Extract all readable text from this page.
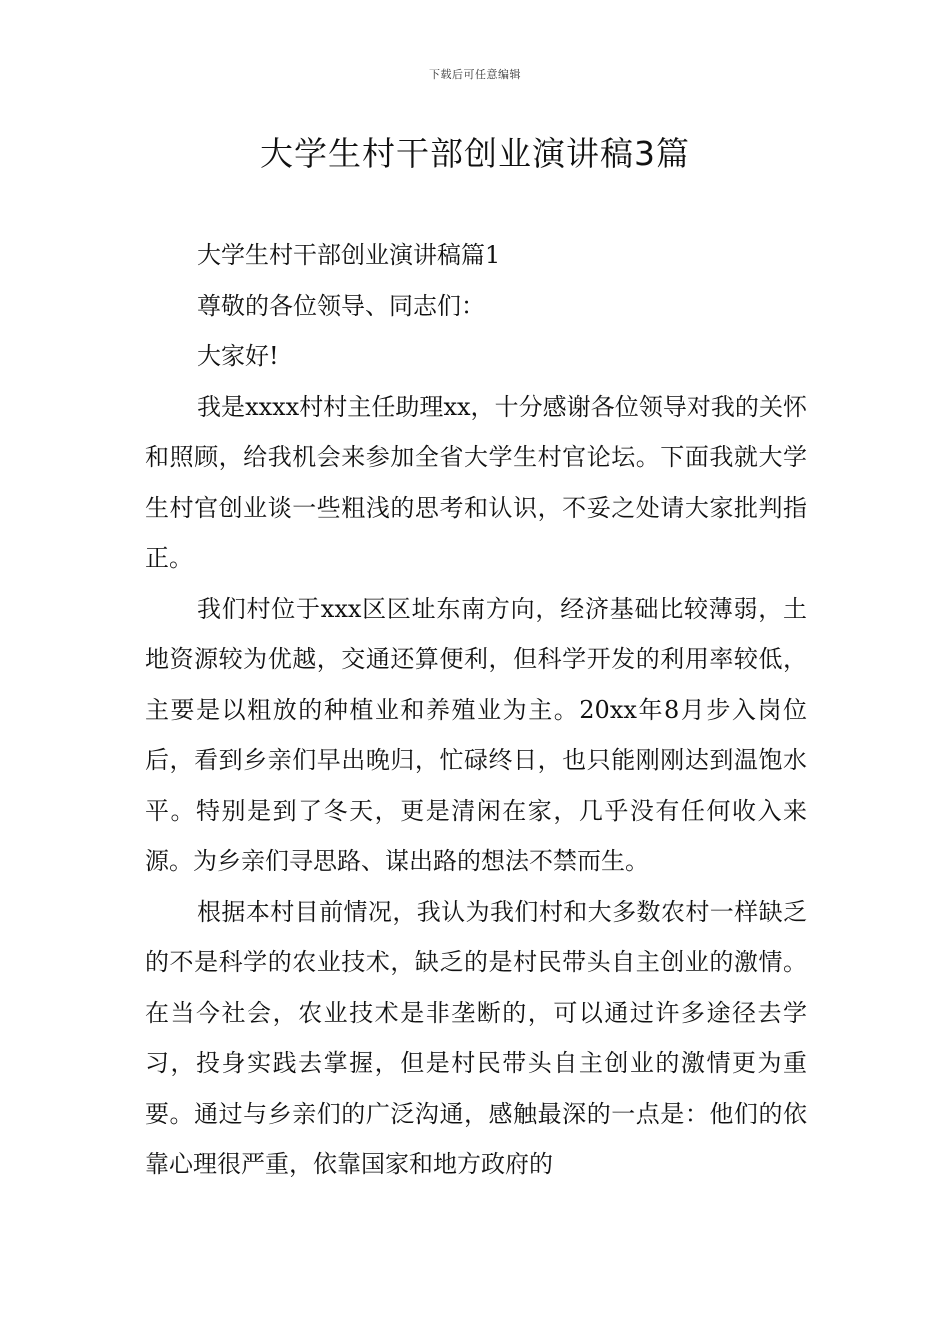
下载后可任意编辑
大学生村干部创业演讲稿3篇

大学生村干部创业演讲稿篇1

尊敬的各位领导、同志们：

大家好!

我是xxxx村村主任助理xx，十分感谢各位领导对我的关怀和照顾，给我机会来参加全省大学生村官论坛。下面我就大学生村官创业谈一些粗浅的思考和认识，不妥之处请大家批判指正。

我们村位于xxx区区址东南方向，经济基础比较薄弱，土地资源较为优越，交通还算便利，但科学开发的利用率较低，主要是以粗放的种植业和养殖业为主。20xx年8月步入岗位后，看到乡亲们早出晚归，忙碌终日，也只能刚刚达到温饱水平。特别是到了冬天，更是清闲在家，几乎没有任何收入来源。为乡亲们寻思路、谋出路的想法不禁而生。

根据本村目前情况，我认为我们村和大多数农村一样缺乏的不是科学的农业技术，缺乏的是村民带头自主创业的激情。在当今社会，农业技术是非垄断的，可以通过许多途径去学习，投身实践去掌握，但是村民带头自主创业的激情更为重要。通过与乡亲们的广泛沟通，感触最深的一点是：他们的依靠心理很严重，依靠国家和地方政府的
